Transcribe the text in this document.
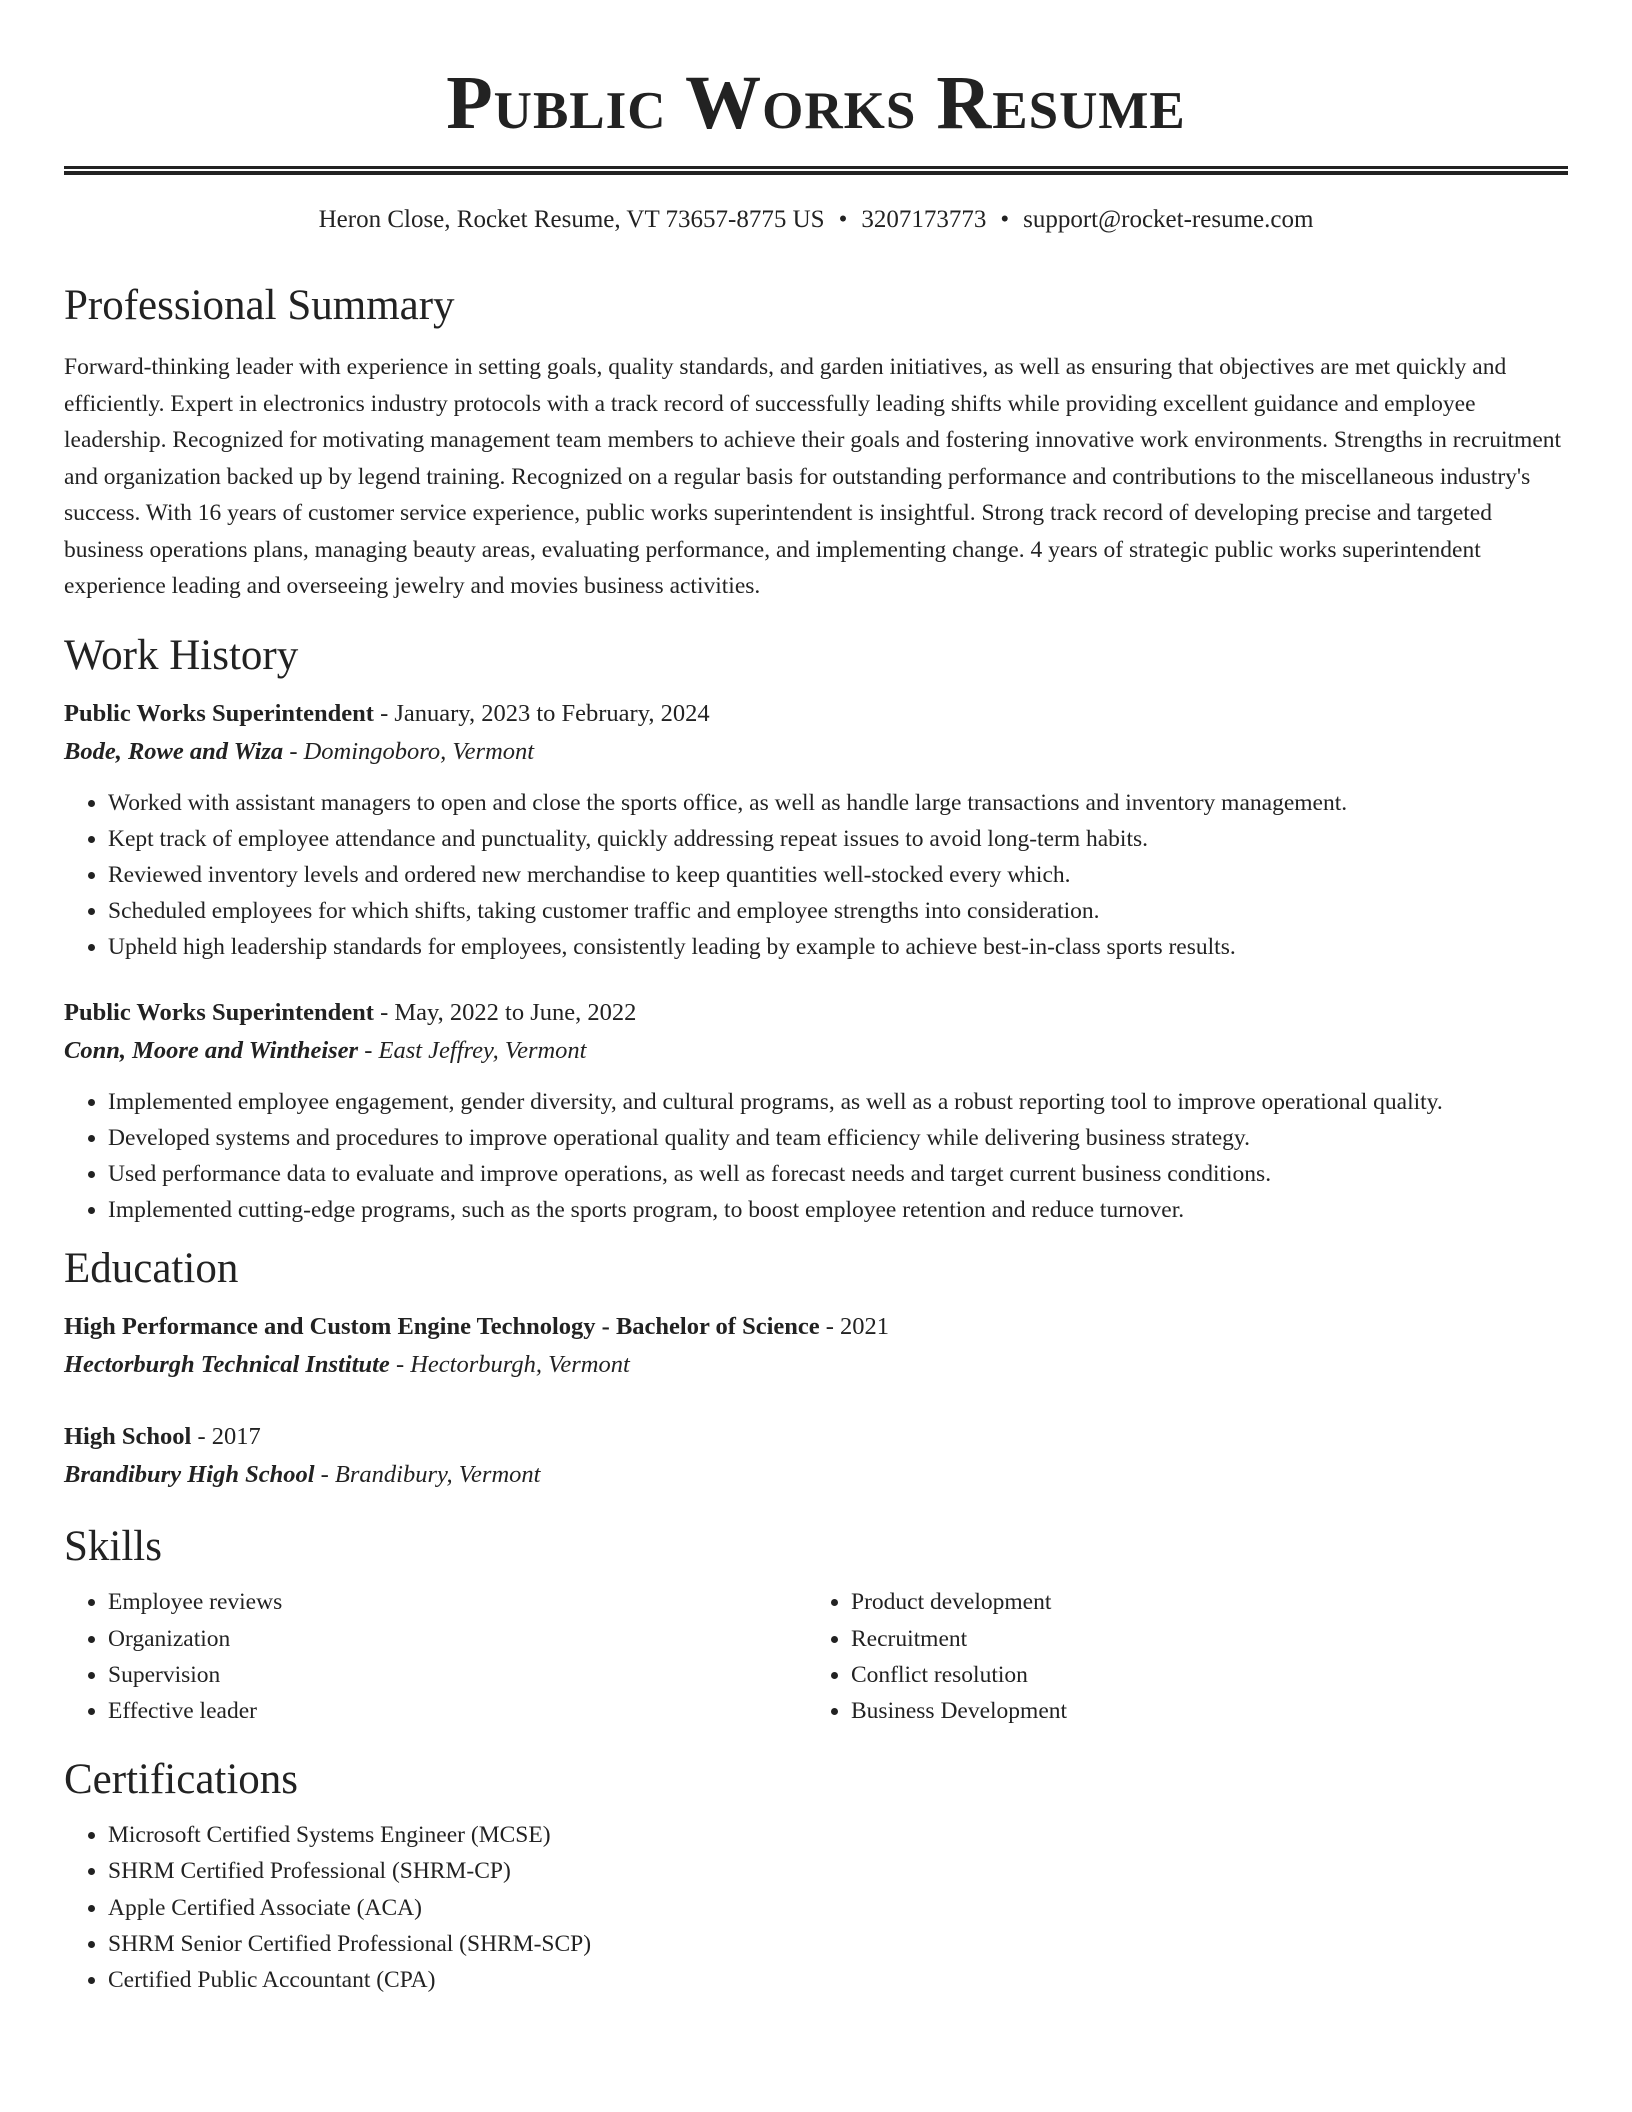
Public Works Resume
Heron Close, Rocket Resume, VT 73657-8775 US • 3207173773 • support@rocket-resume.com
Professional Summary

Forward-thinking leader with experience in setting goals, quality standards, and garden initiatives, as well as ensuring that objectives are met quickly and efficiently. Expert in electronics industry protocols with a track record of successfully leading shifts while providing excellent guidance and employee leadership. Recognized for motivating management team members to achieve their goals and fostering innovative work environments. Strengths in recruitment and organization backed up by legend training. Recognized on a regular basis for outstanding performance and contributions to the miscellaneous industry's success. With 16 years of customer service experience, public works superintendent is insightful. Strong track record of developing precise and targeted business operations plans, managing beauty areas, evaluating performance, and implementing change. 4 years of strategic public works superintendent experience leading and overseeing jewelry and movies business activities.

Work History
Public Works Superintendent - January, 2023 to February, 2024
Bode, Rowe and Wiza - Domingoboro, Vermont
• Worked with assistant managers to open and close the sports office, as well as handle large transactions and inventory management.
• Kept track of employee attendance and punctuality, quickly addressing repeat issues to avoid long-term habits.
• Reviewed inventory levels and ordered new merchandise to keep quantities well-stocked every which.
• Scheduled employees for which shifts, taking customer traffic and employee strengths into consideration.
• Upheld high leadership standards for employees, consistently leading by example to achieve best-in-class sports results.
Public Works Superintendent - May, 2022 to June, 2022
Conn, Moore and Wintheiser - East Jeffrey, Vermont
• Implemented employee engagement, gender diversity, and cultural programs, as well as a robust reporting tool to improve operational quality.
• Developed systems and procedures to improve operational quality and team efficiency while delivering business strategy.
• Used performance data to evaluate and improve operations, as well as forecast needs and target current business conditions.
• Implemented cutting-edge programs, such as the sports program, to boost employee retention and reduce turnover.
Education
High Performance and Custom Engine Technology - Bachelor of Science - 2021
Hectorburgh Technical Institute - Hectorburgh, Vermont
High School - 2017
Brandibury High School - Brandibury, Vermont
Skills
• Employee reviews
• Organization
• Supervision
• Effective leader
• Product development
• Recruitment
• Conflict resolution
• Business Development
Certifications
• Microsoft Certified Systems Engineer (MCSE)
• SHRM Certified Professional (SHRM-CP)
• Apple Certified Associate (ACA)
• SHRM Senior Certified Professional (SHRM-SCP)
• Certified Public Accountant (CPA)
